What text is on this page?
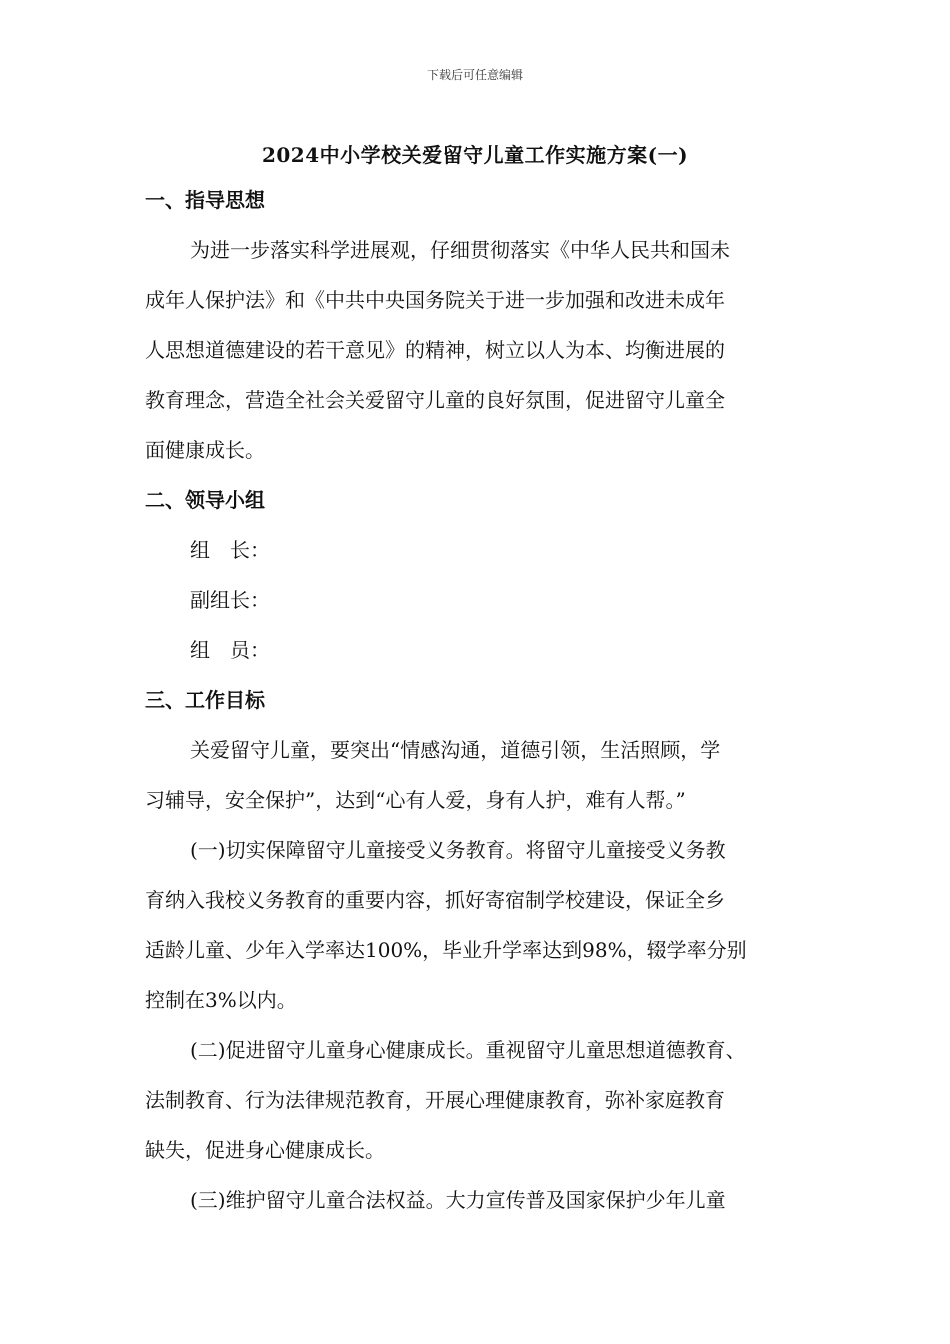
下载后可任意编辑
2024中小学校关爱留守儿童工作实施方案(一)
一、指导思想
为进一步落实科学进展观，仔细贯彻落实《中华人民共和国未
成年人保护法》和《中共中央国务院关于进一步加强和改进未成年
人思想道德建设的若干意见》的精神，树立以人为本、均衡进展的
教育理念，营造全社会关爱留守儿童的良好氛围，促进留守儿童全
面健康成长。
二、领导小组
组　长：
副组长：
组　员：
三、工作目标
关爱留守儿童，要突出“情感沟通，道德引领，生活照顾，学
习辅导，安全保护”，达到“心有人爱，身有人护，难有人帮。”
(一)切实保障留守儿童接受义务教育。将留守儿童接受义务教
育纳入我校义务教育的重要内容，抓好寄宿制学校建设，保证全乡
适龄儿童、少年入学率达100%，毕业升学率达到98%，辍学率分别
控制在3%以内。
(二)促进留守儿童身心健康成长。重视留守儿童思想道德教育、
法制教育、行为法律规范教育，开展心理健康教育，弥补家庭教育
缺失，促进身心健康成长。
(三)维护留守儿童合法权益。大力宣传普及国家保护少年儿童
